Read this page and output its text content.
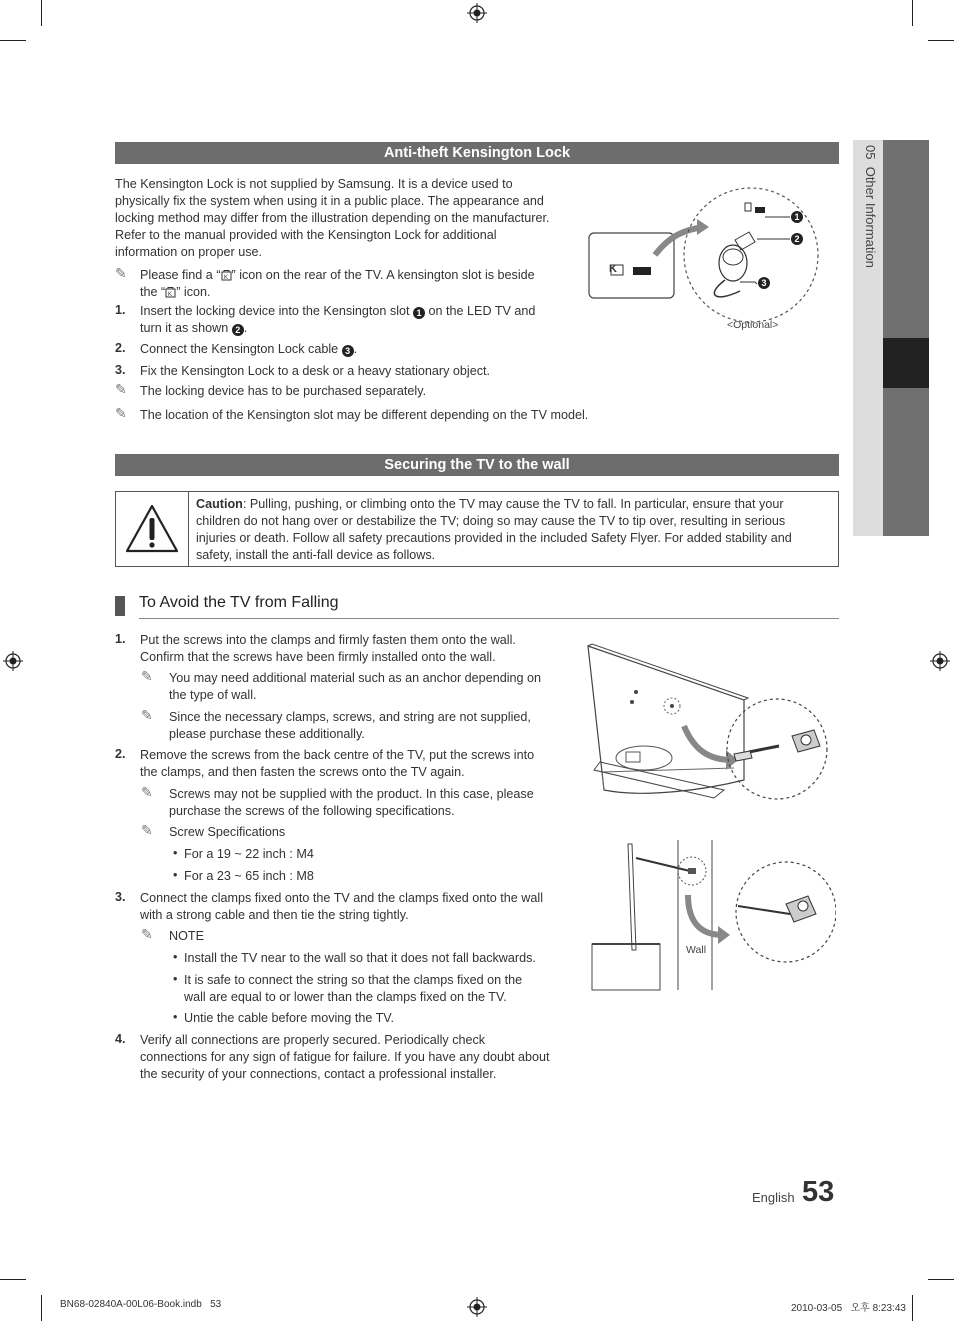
05  Other Information
Anti-theft Kensington Lock
The Kensington Lock is not supplied by Samsung. It is a device used to
physically fix the system when using it in a public place. The appearance and
locking method may differ from the illustration depending on the manufacturer.
Refer to the manual provided with the Kensington Lock for additional
information on proper use.
✎ Please find a “ K ” icon on the rear of the TV. A kensington slot is beside
the “ K ” icon.
1. Insert the locking device into the Kensington slot 1 on the LED TV and
turn it as shown 2 .
2. Connect the Kensington Lock cable 3 .
3. Fix the Kensington Lock to a desk or a heavy stationary object.
✎ The locking device has to be purchased separately.
✎ The location of the Kensington slot may be different depending on the TV model.
1
2
3
K
<Optional>
Securing the TV to the wall
Caution: Pulling, pushing, or climbing onto the TV may cause the TV to fall. In particular, ensure that your
children do not hang over or destabilize the TV; doing so may cause the TV to tip over, resulting in serious
injuries or death. Follow all safety precautions provided in the included Safety Flyer. For added stability and
safety, install the anti-fall device as follows.
To Avoid the TV from Falling
1. Put the screws into the clamps and firmly fasten them onto the wall.
Confirm that the screws have been firmly installed onto the wall.
✎ You may need additional material such as an anchor depending on
the type of wall.
✎ Since the necessary clamps, screws, and string are not supplied,
please purchase these additionally.
2. Remove the screws from the back centre of the TV, put the screws into
the clamps, and then fasten the screws onto the TV again.
✎ Screws may not be supplied with the product. In this case, please
purchase the screws of the following specifications.
✎ Screw Specifications
• For a 19 ~ 22 inch : M4
• For a 23 ~ 65 inch : M8
3. Connect the clamps fixed onto the TV and the clamps fixed onto the wall
with a strong cable and then tie the string tightly.
✎ NOTE
• Install the TV near to the wall so that it does not fall backwards.
• It is safe to connect the string so that the clamps fixed on the
wall are equal to or lower than the clamps fixed on the TV.
• Untie the cable before moving the TV.
4. Verify all connections are properly secured. Periodically check
connections for any sign of fatigue for failure. If you have any doubt about
the security of your connections, contact a professional installer.
Wall
English 53
BN68-02840A-00L06-Book.indb   53	2010-03-05   오후 8:23:43
